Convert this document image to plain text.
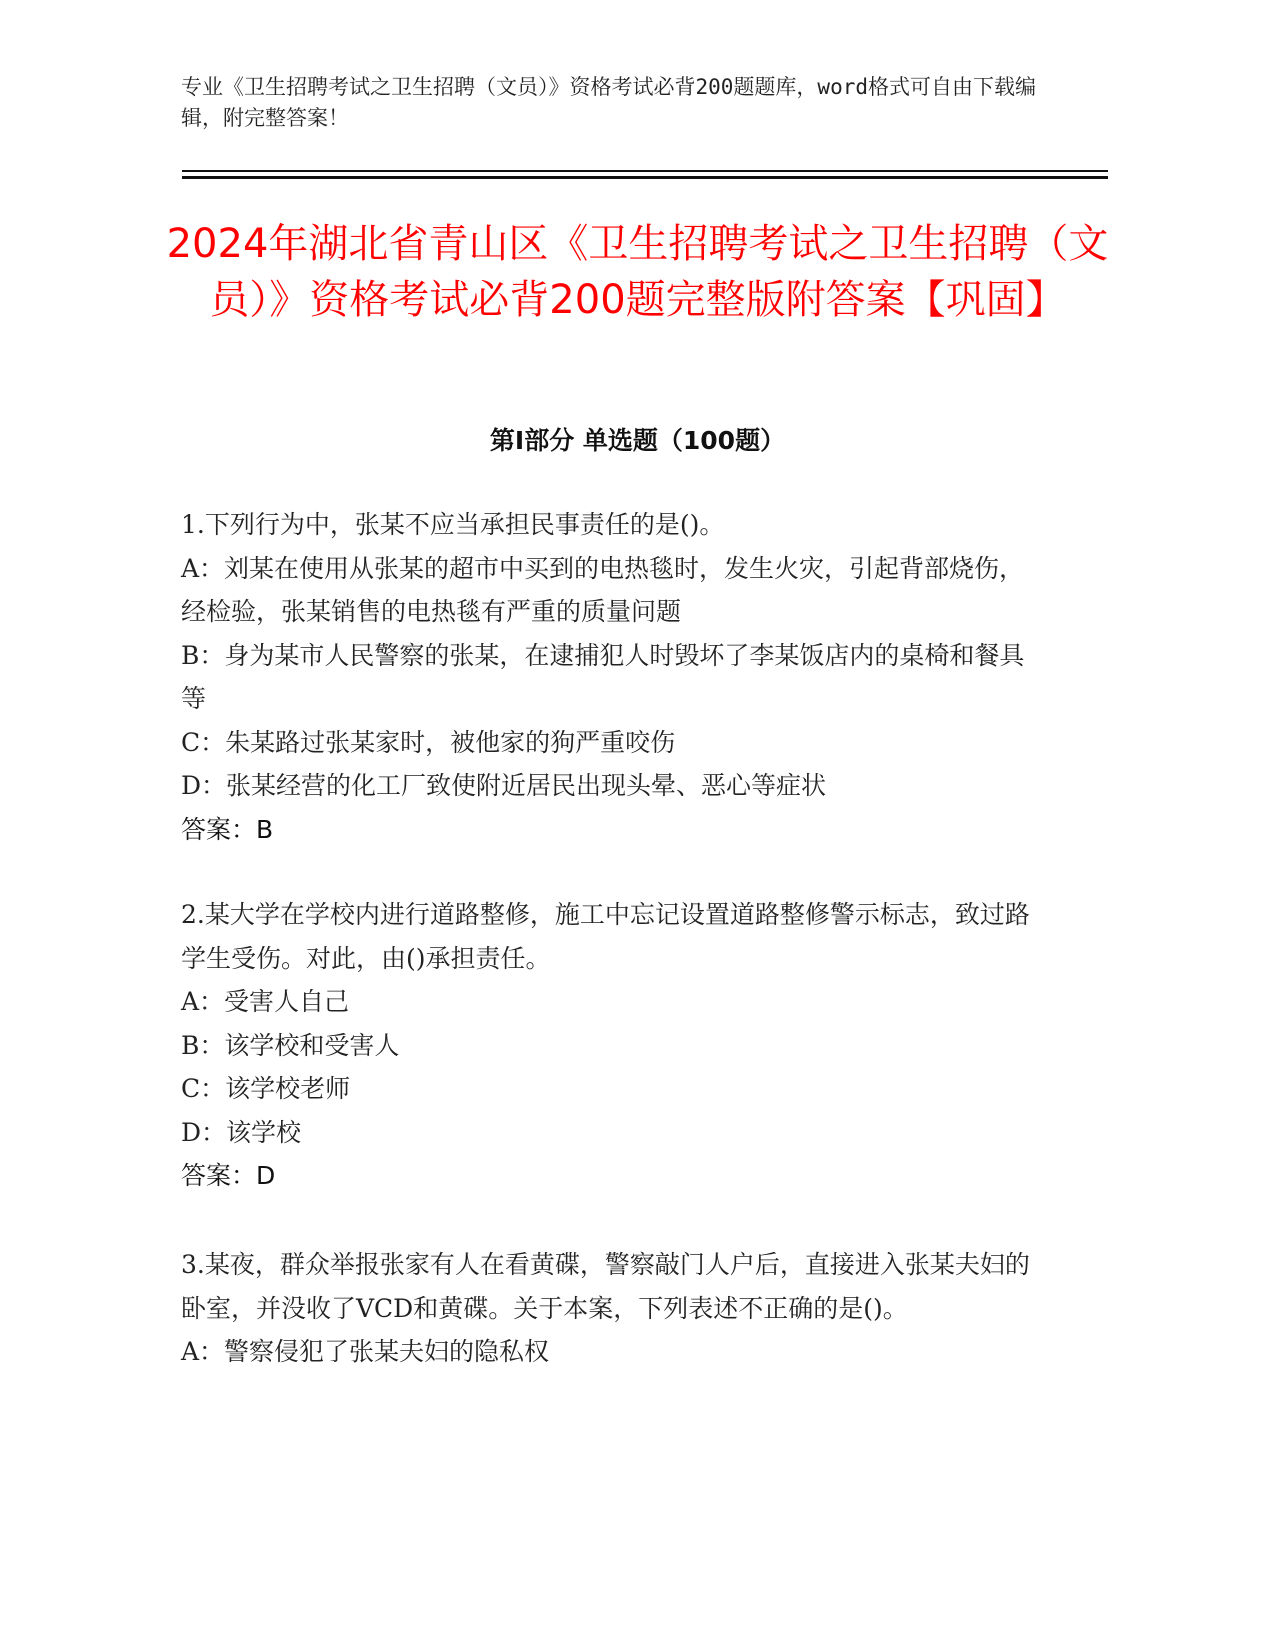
专业《卫生招聘考试之卫生招聘（文员）》资格考试必背200题题库，word格式可自由下载编辑，附完整答案！
2024年湖北省青山区《卫生招聘考试之卫生招聘（文员）》资格考试必背200题完整版附答案【巩固】
第Ⅰ部分 单选题（100题）
1.下列行为中，张某不应当承担民事责任的是()。
A：刘某在使用从张某的超市中买到的电热毯时，发生火灾，引起背部烧伤，经检验，张某销售的电热毯有严重的质量问题
B：身为某市人民警察的张某，在逮捕犯人时毁坏了李某饭店内的桌椅和餐具等
C：朱某路过张某家时，被他家的狗严重咬伤
D：张某经营的化工厂致使附近居民出现头晕、恶心等症状
答案：B
2.某大学在学校内进行道路整修，施工中忘记设置道路整修警示标志，致过路学生受伤。对此，由()承担责任。
A：受害人自己
B：该学校和受害人
C：该学校老师
D：该学校
答案：D
3.某夜，群众举报张家有人在看黄碟，警察敲门人户后，直接进入张某夫妇的卧室，并没收了VCD和黄碟。关于本案，下列表述不正确的是()。
A：警察侵犯了张某夫妇的隐私权
